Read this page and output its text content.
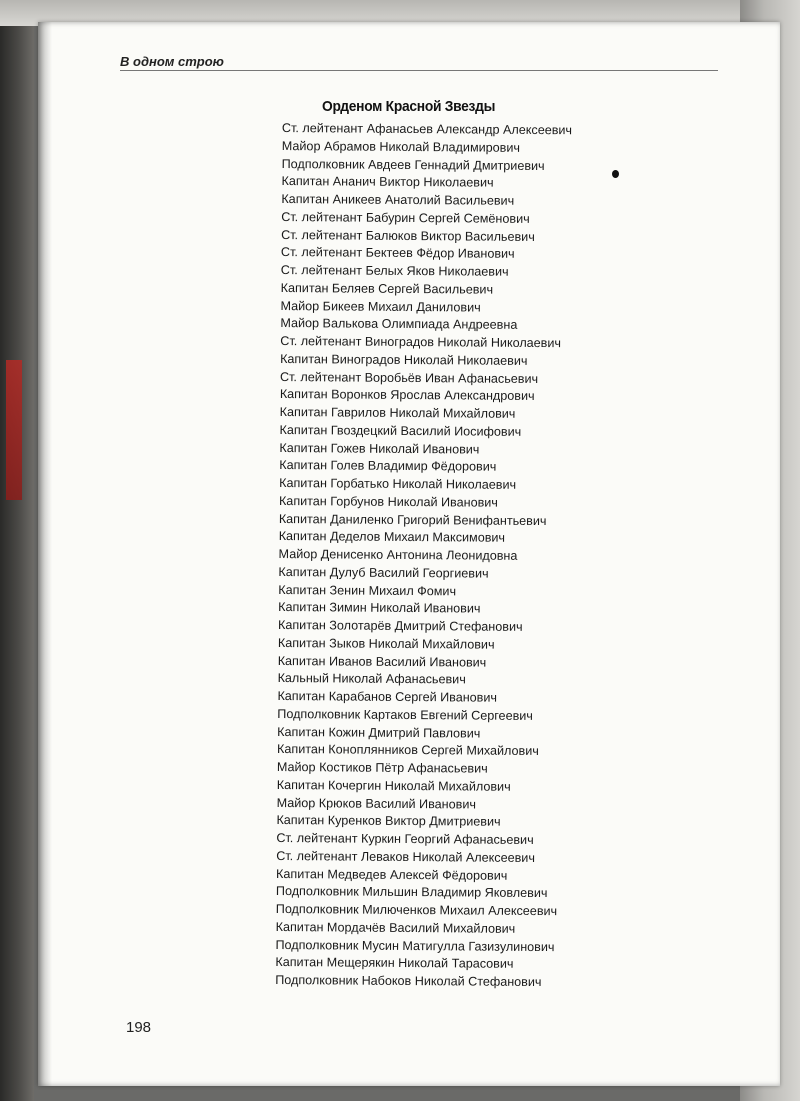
В одном строю
Орденом Красной Звезды
Ст. лейтенант Афанасьев Александр Алексеевич
Майор Абрамов Николай Владимирович
Подполковник Авдеев Геннадий Дмитриевич
Капитан Ананич Виктор Николаевич
Капитан Аникеев Анатолий Васильевич
Ст. лейтенант Бабурин Сергей Семёнович
Ст. лейтенант Балюков Виктор Васильевич
Ст. лейтенант Бектеев Фёдор Иванович
Ст. лейтенант Белых Яков Николаевич
Капитан Беляев Сергей Васильевич
Майор Бикеев Михаил Данилович
Майор Валькова Олимпиада Андреевна
Ст. лейтенант Виноградов Николай Николаевич
Капитан Виноградов Николай Николаевич
Ст. лейтенант Воробьёв Иван Афанасьевич
Капитан Воронков Ярослав Александрович
Капитан Гаврилов Николай Михайлович
Капитан Гвоздецкий Василий Иосифович
Капитан Гожев Николай Иванович
Капитан Голев Владимир Фёдорович
Капитан Горбатько Николай Николаевич
Капитан Горбунов Николай Иванович
Капитан Даниленко Григорий Венифантьевич
Капитан Деделов Михаил Максимович
Майор Денисенко Антонина Леонидовна
Капитан Дулуб Василий Георгиевич
Капитан Зенин Михаил Фомич
Капитан Зимин Николай Иванович
Капитан Золотарёв Дмитрий Стефанович
Капитан Зыков Николай Михайлович
Капитан Иванов Василий Иванович
Кальный Николай Афанасьевич
Капитан Карабанов Сергей Иванович
Подполковник Картаков Евгений Сергеевич
Капитан Кожин Дмитрий Павлович
Капитан Коноплянников Сергей Михайлович
Майор Костиков Пётр Афанасьевич
Капитан Кочергин Николай Михайлович
Майор Крюков Василий Иванович
Капитан Куренков Виктор Дмитриевич
Ст. лейтенант Куркин Георгий Афанасьевич
Ст. лейтенант Леваков Николай Алексеевич
Капитан Медведев Алексей Фёдорович
Подполковник Мильшин Владимир Яковлевич
Подполковник Милюченков Михаил Алексеевич
Капитан Мордачёв Василий Михайлович
Подполковник Мусин Матигулла Газизулинович
Капитан Мещерякин Николай Тарасович
Подполковник Набоков Николай Стефанович
198
